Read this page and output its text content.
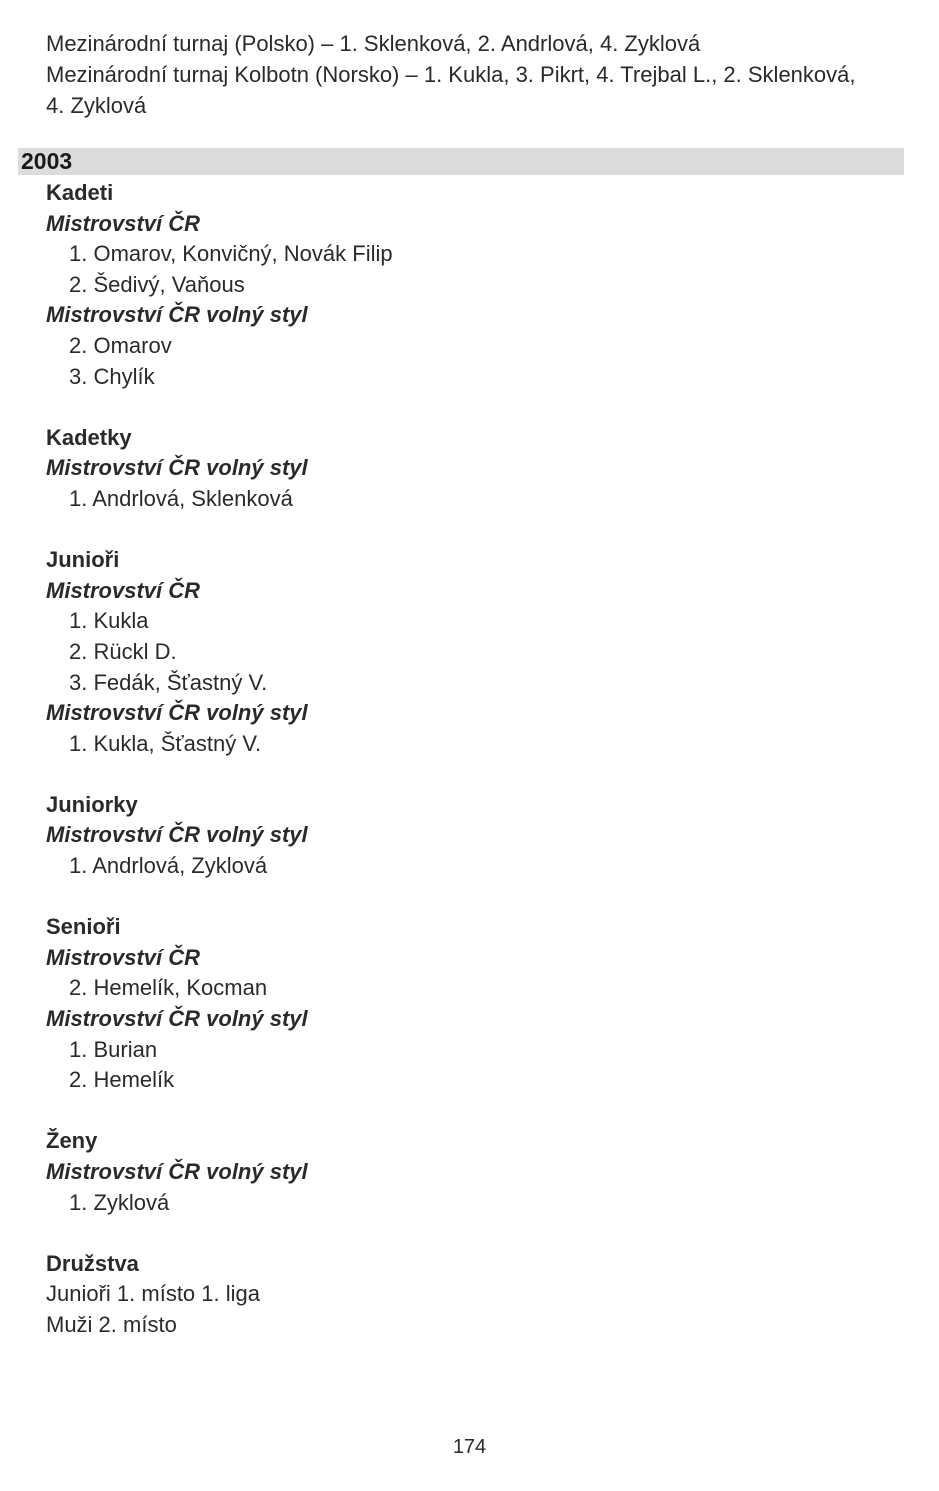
Mezinárodní turnaj (Polsko) – 1. Sklenková, 2. Andrlová, 4. Zyklová

Mezinárodní turnaj Kolbotn (Norsko) – 1. Kukla, 3. Pikrt, 4. Trejbal L., 2. Sklenková,

4. Zyklová

2003

Kadeti

Mistrovství ČR

1. Omarov, Konvičný, Novák Filip

2. Šedivý, Vaňous

Mistrovství ČR volný styl

2. Omarov

3. Chylík

Kadetky

Mistrovství ČR volný styl

1. Andrlová, Sklenková

Junioři

Mistrovství ČR

1. Kukla

2. Rückl D.

3. Fedák, Šťastný V.

Mistrovství ČR volný styl

1. Kukla, Šťastný V.

Juniorky

Mistrovství ČR volný styl

1. Andrlová, Zyklová

Senioři

Mistrovství ČR

2. Hemelík, Kocman

Mistrovství ČR volný styl

1. Burian

2. Hemelík

Ženy

Mistrovství ČR volný styl

1. Zyklová

Družstva

Junioři 1. místo 1. liga

Muži 2. místo

174
